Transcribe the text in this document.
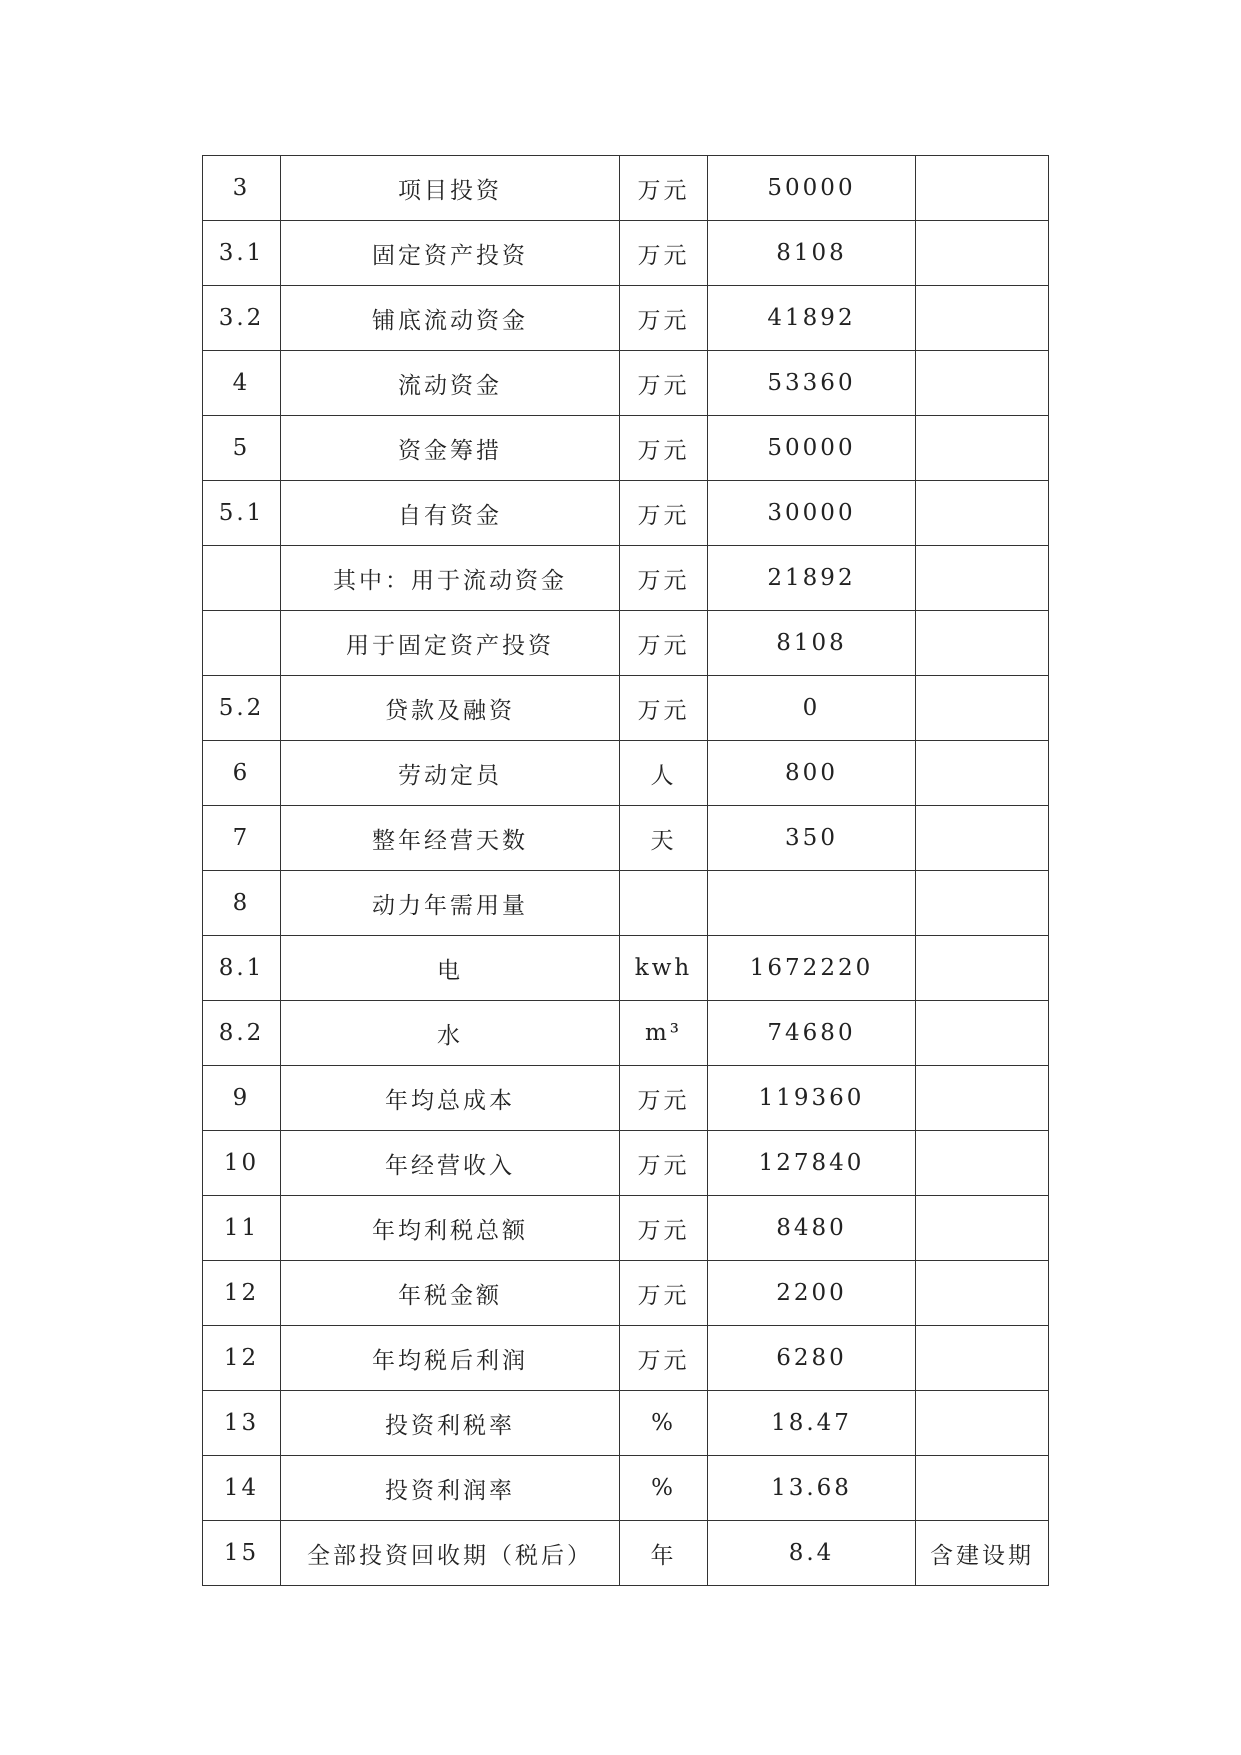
3	项目投资	万元	50000	
3.1	固定资产投资	万元	8108	
3.2	铺底流动资金	万元	41892	
4	流动资金	万元	53360	
5	资金筹措	万元	50000	
5.1	自有资金	万元	30000	
	其中：用于流动资金	万元	21892	
	用于固定资产投资	万元	8108	
5.2	贷款及融资	万元	0	
6	劳动定员	人	800	
7	整年经营天数	天	350	
8	动力年需用量			
8.1	电	kwh	1672220	
8.2	水	m³	74680	
9	年均总成本	万元	119360	
10	年经营收入	万元	127840	
11	年均利税总额	万元	8480	
12	年税金额	万元	2200	
12	年均税后利润	万元	6280	
13	投资利税率	%	18.47	
14	投资利润率	%	13.68	
15	全部投资回收期（税后）	年	8.4	含建设期
